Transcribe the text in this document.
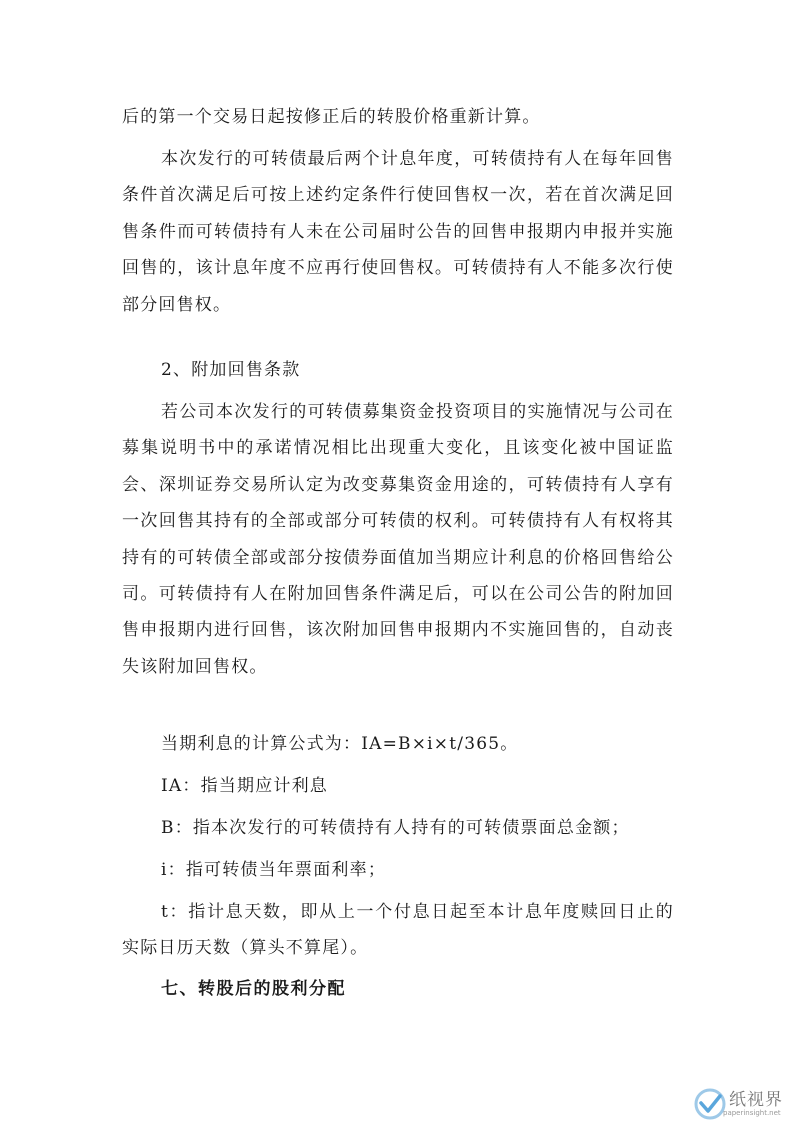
后的第一个交易日起按修正后的转股价格重新计算。

本次发行的可转债最后两个计息年度，可转债持有人在每年回售条件首次满足后可按上述约定条件行使回售权一次，若在首次满足回售条件而可转债持有人未在公司届时公告的回售申报期内申报并实施回售的，该计息年度不应再行使回售权。可转债持有人不能多次行使部分回售权。

2、附加回售条款

若公司本次发行的可转债募集资金投资项目的实施情况与公司在募集说明书中的承诺情况相比出现重大变化，且该变化被中国证监会、深圳证券交易所认定为改变募集资金用途的，可转债持有人享有一次回售其持有的全部或部分可转债的权利。可转债持有人有权将其持有的可转债全部或部分按债券面值加当期应计利息的价格回售给公司。可转债持有人在附加回售条件满足后，可以在公司公告的附加回售申报期内进行回售，该次附加回售申报期内不实施回售的，自动丧失该附加回售权。

当期利息的计算公式为：IA=B×i×t/365。

IA：指当期应计利息

B：指本次发行的可转债持有人持有的可转债票面总金额；

i：指可转债当年票面利率；

t：指计息天数，即从上一个付息日起至本计息年度赎回日止的实际日历天数（算头不算尾）。

七、转股后的股利分配

纸视界
paperinsight.net
